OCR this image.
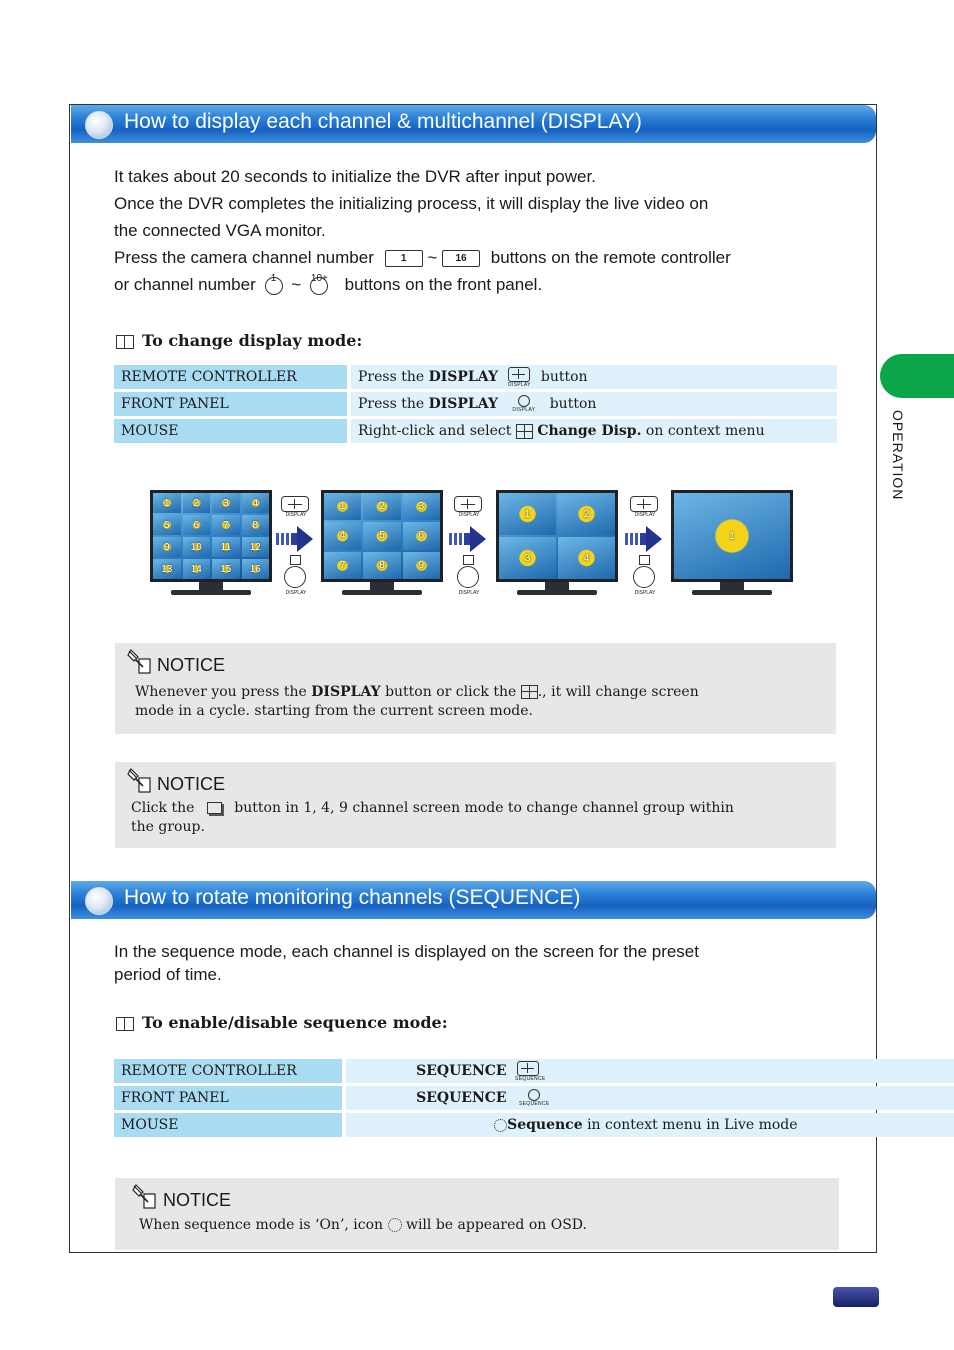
How to display each channel & multichannel (DISPLAY)
It takes about 20 seconds to initialize the DVR after input power.
Once the DVR completes the initializing process, it will display the live video on
the connected VGA monitor.
Press the camera channel number	1 ~ 16 buttons on the remote controller
or channel number	1 ~ 10+ buttons on the front panel.
To change display mode:
REMOTE CONTROLLER	Press the DISPLAY DISPLAY button
FRONT PANEL	Press the DISPLAY DISPLAY button
MOUSE	Right-click and select Change Disp. on context menu
1	2	3	4
5	6	7	8
9	10	11	12
13	14	15	16
1	2	3
4	5	6
7	8	9
1	2
3	4
1
DISPLAY
DISPLAY
DISPLAY
DISPLAY
DISPLAY
DISPLAY
NOTICE
Whenever you press the DISPLAY button or click the ., it will change screen
mode in a cycle. starting from the current screen mode.
NOTICE
Click the	button in 1, 4, 9 channel screen mode to change channel group within
the group.
How to rotate monitoring channels (SEQUENCE)
In the sequence mode, each channel is displayed on the screen for the preset
period of time.
To enable/disable sequence mode:
REMOTE CONTROLLER	SEQUENCE SEQUENCE

FRONT PANEL	SEQUENCE SEQUENCE

MOUSE	Sequence in context menu in Live mode
NOTICE
When sequence mode is ‘On’, icon will be appeared on OSD.
OPERATION
